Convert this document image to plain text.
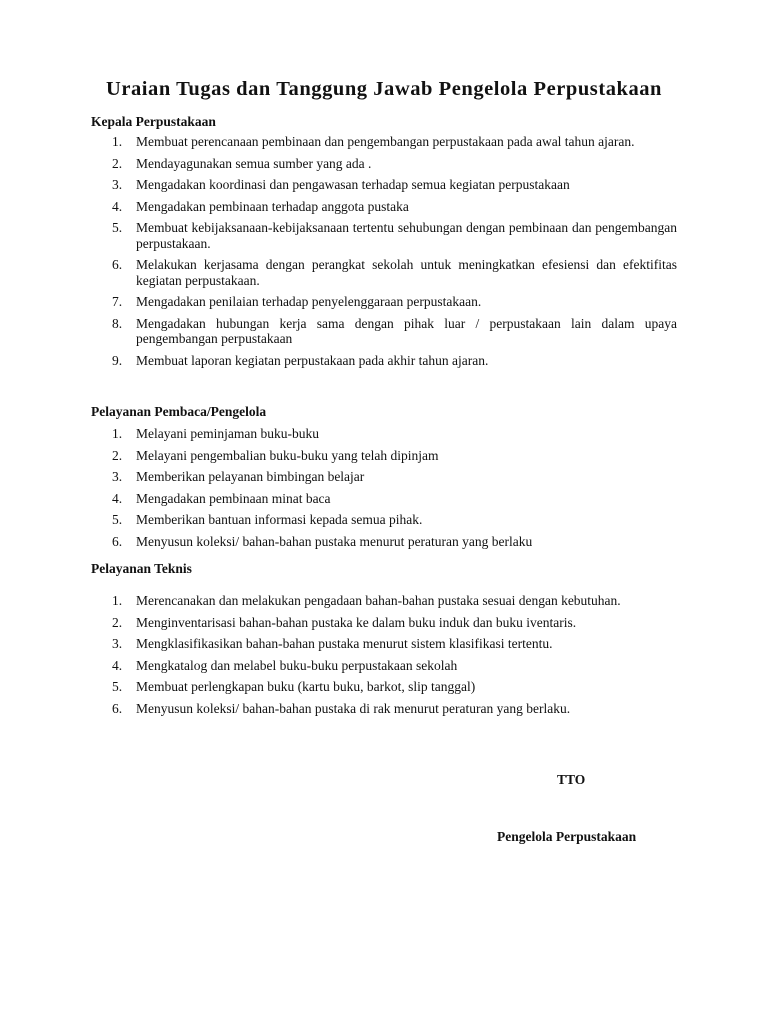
Uraian Tugas dan Tanggung Jawab Pengelola Perpustakaan

Kepala Perpustakaan

1 . Membuat perencanaan pembinaan dan pengembangan perpustakaan pada awal tahun ajaran.
2 . Mendayagunakan semua sumber yang ada .
3 . Mengadakan koordinasi dan pengawasan terhadap semua kegiatan perpustakaan
4 . Mengadakan pembinaan terhadap anggota pustaka
5 . Membuat kebijaksanaan-kebijaksanaan tertentu sehubungan dengan pembinaan dan pengembangan perpustakaan.
6 . Melakukan kerjasama dengan perangkat sekolah untuk meningkatkan efesiensi dan efektifitas kegiatan perpustakaan.
7 . Mengadakan penilaian terhadap penyelenggaraan perpustakaan.
8 . Mengadakan hubungan kerja sama dengan pihak luar / perpustakaan lain dalam upaya pengembangan perpustakaan
9 . Membuat laporan kegiatan perpustakaan pada akhir tahun ajaran.

Pelayanan Pembaca/Pengelola

1 . Melayani peminjaman buku-buku
2 . Melayani pengembalian buku-buku yang telah dipinjam
3 . Memberikan pelayanan bimbingan belajar
4 . Mengadakan pembinaan minat baca
5 . Memberikan bantuan informasi kepada semua pihak.
6 . Menyusun koleksi/ bahan-bahan pustaka menurut peraturan yang berlaku

Pelayanan Teknis

1 . Merencanakan dan melakukan pengadaan bahan-bahan pustaka sesuai dengan kebutuhan.
2 . Menginventarisasi bahan-bahan pustaka ke dalam buku induk dan buku iventaris.
3 . Mengklasifikasikan bahan-bahan pustaka menurut sistem klasifikasi tertentu.
4 . Mengkatalog dan melabel buku-buku perpustakaan sekolah
5 . Membuat perlengkapan buku (kartu buku, barkot, slip tanggal)
6 . Menyusun koleksi/ bahan-bahan pustaka di rak menurut peraturan yang berlaku.

TTO

Pengelola Perpustakaan
